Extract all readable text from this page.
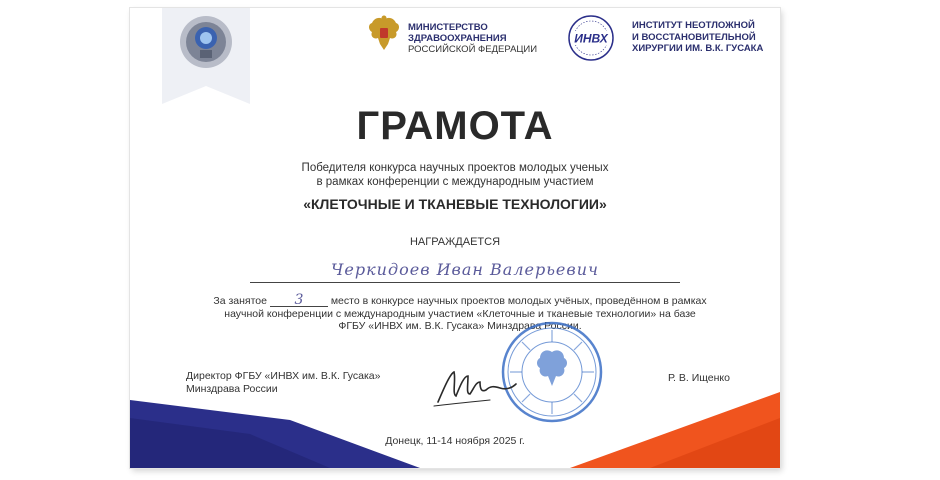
МИНИСТЕРСТВО
ЗДРАВООХРАНЕНИЯ
РОССИЙСКОЙ ФЕДЕРАЦИИ
ИНВХ
ИНСТИТУТ НЕОТЛОЖНОЙ
И ВОССТАНОВИТЕЛЬНОЙ
ХИРУРГИИ ИМ. В.К. ГУСАКА
ГРАМОТА
Победителя конкурса научных проектов молодых ученых
в рамках конференции с международным участием
«КЛЕТОЧНЫЕ И ТКАНЕВЫЕ ТЕХНОЛОГИИ»
НАГРАЖДАЕТСЯ
Черкидоев Иван Валерьевич
За занятое 3	место в конкурсе научных проектов молодых учёных, проведённом в рамках
научной конференции с международным участием «Клеточные и тканевые технологии» на базе
ФГБУ «ИНВХ им. В.К. Гусака» Минздрава России.
Директор ФГБУ «ИНВХ им. В.К. Гусака»
Минздрава России
Р. В. Ищенко
Донецк, 11-14 ноября 2025 г.
